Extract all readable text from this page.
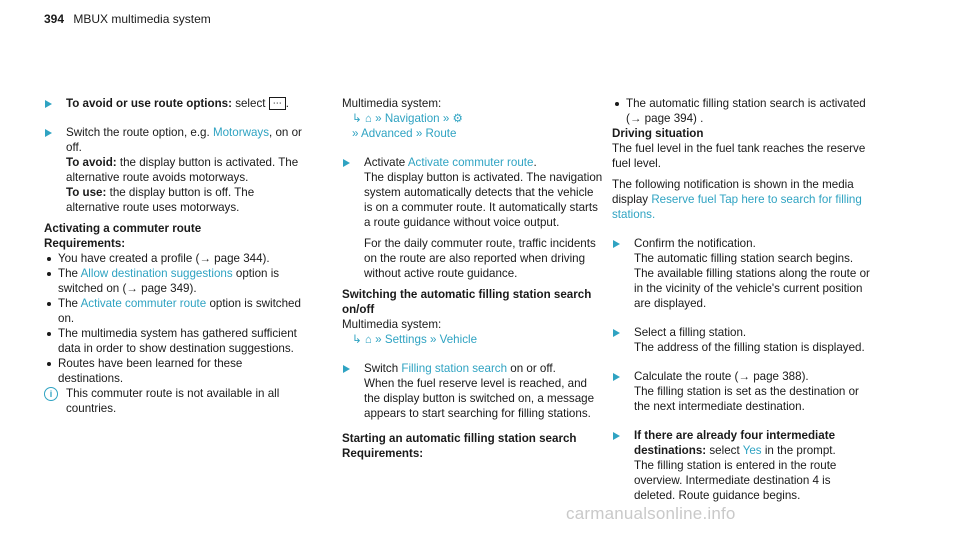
394 MBUX multimedia system
To avoid or use route options: select ⋯ .
Switch the route option, e.g. Motorways, on or off.
To avoid: the display button is activated. The alternative route avoids motorways.
To use: the display button is off. The alternative route uses motorways.
Activating a commuter route
Requirements:
You have created a profile (→ page 344).
The Allow destination suggestions option is switched on (→ page 349).
The Activate commuter route option is switched on.
The multimedia system has gathered sufficient data in order to show destination suggestions.
Routes have been learned for these destinations.
i	This commuter route is not available in all countries.
Multimedia system:
↳ ⌂ » Navigation » ⚙
» Advanced » Route
Activate Activate commuter route.
The display button is activated. The navigation system automatically detects that the vehicle is on a commuter route. It automatically starts a route guidance without voice output.
For the daily commuter route, traffic incidents on the route are also reported when driving without active route guidance.
Switching the automatic filling station search on/off
Multimedia system:
↳ ⌂ » Settings » Vehicle
Switch Filling station search on or off.
When the fuel reserve level is reached, and the display button is switched on, a message appears to start searching for filling stations.
Starting an automatic filling station search
Requirements:
The automatic filling station search is activated (→ page 394) .
Driving situation
The fuel level in the fuel tank reaches the reserve fuel level.
The following notification is shown in the media display Reserve fuel Tap here to search for filling stations.
Confirm the notification.
The automatic filling station search begins. The available filling stations along the route or in the vicinity of the vehicle's current position are displayed.
Select a filling station.
The address of the filling station is displayed.
Calculate the route (→ page 388).
The filling station is set as the destination or the next intermediate destination.
If there are already four intermediate destinations: select Yes in the prompt.
The filling station is entered in the route overview. Intermediate destination 4 is deleted. Route guidance begins.
carmanualsonline.info
